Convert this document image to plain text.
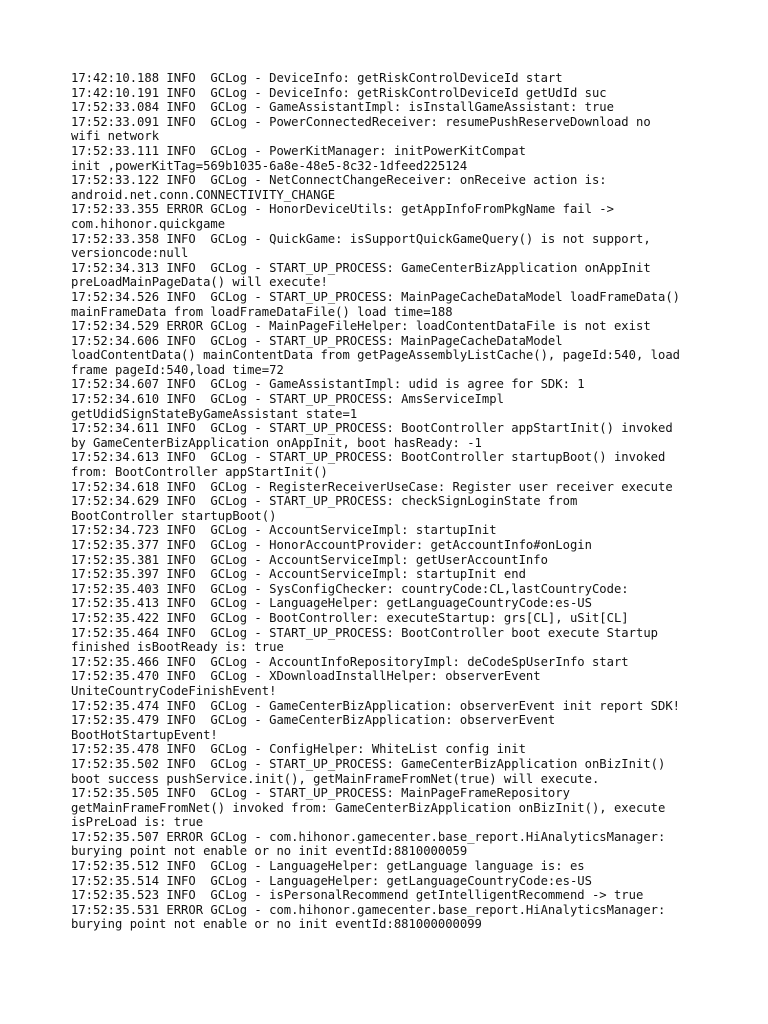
17:42:10.188 INFO  GCLog - DeviceInfo: getRiskControlDeviceId start
17:42:10.191 INFO  GCLog - DeviceInfo: getRiskControlDeviceId getUdId suc
17:52:33.084 INFO  GCLog - GameAssistantImpl: isInstallGameAssistant: true
17:52:33.091 INFO  GCLog - PowerConnectedReceiver: resumePushReserveDownload no
wifi network
17:52:33.111 INFO  GCLog - PowerKitManager: initPowerKitCompat
init ,powerKitTag=569b1035-6a8e-48e5-8c32-1dfeed225124
17:52:33.122 INFO  GCLog - NetConnectChangeReceiver: onReceive action is:
android.net.conn.CONNECTIVITY_CHANGE
17:52:33.355 ERROR GCLog - HonorDeviceUtils: getAppInfoFromPkgName fail ->
com.hihonor.quickgame
17:52:33.358 INFO  GCLog - QuickGame: isSupportQuickGameQuery() is not support,
versioncode:null
17:52:34.313 INFO  GCLog - START_UP_PROCESS: GameCenterBizApplication onAppInit
preLoadMainPageData() will execute!
17:52:34.526 INFO  GCLog - START_UP_PROCESS: MainPageCacheDataModel loadFrameData()
mainFrameData from loadFrameDataFile() load time=188
17:52:34.529 ERROR GCLog - MainPageFileHelper: loadContentDataFile is not exist
17:52:34.606 INFO  GCLog - START_UP_PROCESS: MainPageCacheDataModel
loadContentData() mainContentData from getPageAssemblyListCache(), pageId:540, load
frame pageId:540,load time=72
17:52:34.607 INFO  GCLog - GameAssistantImpl: udid is agree for SDK: 1
17:52:34.610 INFO  GCLog - START_UP_PROCESS: AmsServiceImpl
getUdidSignStateByGameAssistant state=1
17:52:34.611 INFO  GCLog - START_UP_PROCESS: BootController appStartInit() invoked
by GameCenterBizApplication onAppInit, boot hasReady: -1
17:52:34.613 INFO  GCLog - START_UP_PROCESS: BootController startupBoot() invoked
from: BootController appStartInit()
17:52:34.618 INFO  GCLog - RegisterReceiverUseCase: Register user receiver execute
17:52:34.629 INFO  GCLog - START_UP_PROCESS: checkSignLoginState from
BootController startupBoot()
17:52:34.723 INFO  GCLog - AccountServiceImpl: startupInit
17:52:35.377 INFO  GCLog - HonorAccountProvider: getAccountInfo#onLogin
17:52:35.381 INFO  GCLog - AccountServiceImpl: getUserAccountInfo
17:52:35.397 INFO  GCLog - AccountServiceImpl: startupInit end
17:52:35.403 INFO  GCLog - SysConfigChecker: countryCode:CL,lastCountryCode:
17:52:35.413 INFO  GCLog - LanguageHelper: getLanguageCountryCode:es-US
17:52:35.422 INFO  GCLog - BootController: executeStartup: grs[CL], uSit[CL]
17:52:35.464 INFO  GCLog - START_UP_PROCESS: BootController boot execute Startup
finished isBootReady is: true
17:52:35.466 INFO  GCLog - AccountInfoRepositoryImpl: deCodeSpUserInfo start
17:52:35.470 INFO  GCLog - XDownloadInstallHelper: observerEvent
UniteCountryCodeFinishEvent!
17:52:35.474 INFO  GCLog - GameCenterBizApplication: observerEvent init report SDK!
17:52:35.479 INFO  GCLog - GameCenterBizApplication: observerEvent
BootHotStartupEvent!
17:52:35.478 INFO  GCLog - ConfigHelper: WhiteList config init
17:52:35.502 INFO  GCLog - START_UP_PROCESS: GameCenterBizApplication onBizInit()
boot success pushService.init(), getMainFrameFromNet(true) will execute.
17:52:35.505 INFO  GCLog - START_UP_PROCESS: MainPageFrameRepository
getMainFrameFromNet() invoked from: GameCenterBizApplication onBizInit(), execute
isPreLoad is: true
17:52:35.507 ERROR GCLog - com.hihonor.gamecenter.base_report.HiAnalyticsManager:
burying point not enable or no init eventId:8810000059
17:52:35.512 INFO  GCLog - LanguageHelper: getLanguage language is: es
17:52:35.514 INFO  GCLog - LanguageHelper: getLanguageCountryCode:es-US
17:52:35.523 INFO  GCLog - isPersonalRecommend getIntelligentRecommend -> true
17:52:35.531 ERROR GCLog - com.hihonor.gamecenter.base_report.HiAnalyticsManager:
burying point not enable or no init eventId:881000000099
